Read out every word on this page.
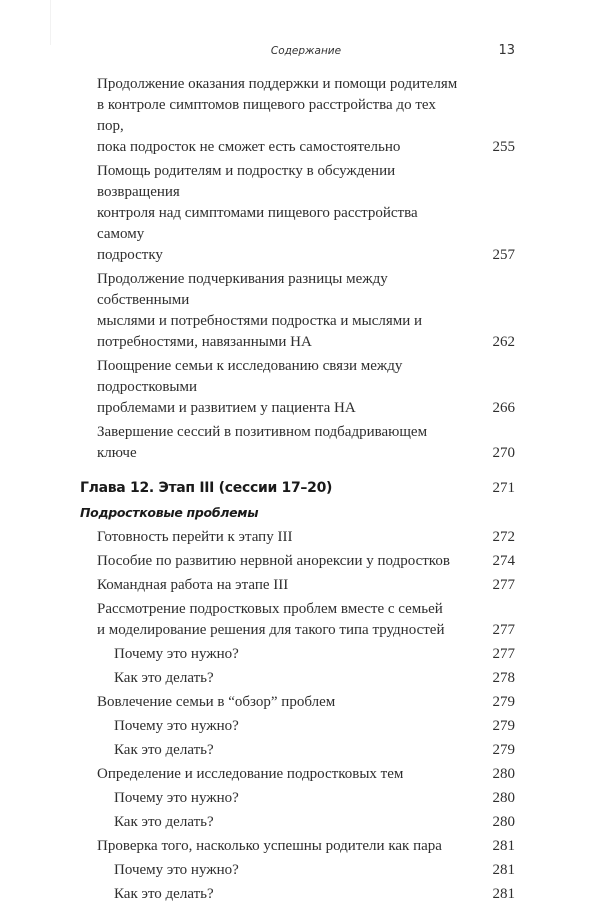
Содержание	13
Продолжение оказания поддержки и помощи родителям
в контроле симптомов пищевого расстройства до тех пор,
пока подросток не сможет есть самостоятельно	255
Помощь родителям и подростку в обсуждении возвращения
контроля над симптомами пищевого расстройства самому
подростку	257
Продолжение подчеркивания разницы между собственными
мыслями и потребностями подростка и мыслями и
потребностями, навязанными НА	262
Поощрение семьи к исследованию связи между подростковыми
проблемами и развитием у пациента НА	266
Завершение сессий в позитивном подбадривающем ключе	270
Глава 12. Этап III (сессии 17–20)	271
Подростковые проблемы
Готовность перейти к этапу III	272
Пособие по развитию нервной анорексии у подростков	274
Командная работа на этапе III	277
Рассмотрение подростковых проблем вместе с семьей
и моделирование решения для такого типа трудностей	277
Почему это нужно?	277
Как это делать?	278
Вовлечение семьи в “обзор” проблем	279
Почему это нужно?	279
Как это делать?	279
Определение и исследование подростковых тем	280
Почему это нужно?	280
Как это делать?	280
Проверка того, насколько успешны родители как пара	281
Почему это нужно?	281
Как это делать?	281
